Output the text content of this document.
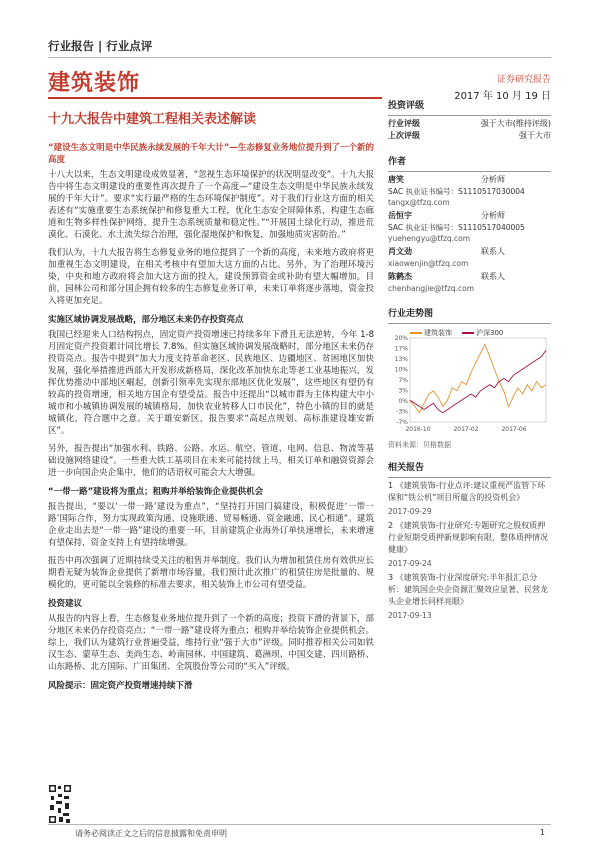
行业报告 | 行业点评
建筑装饰	证券研究报告
2017 年 10 月 19 日
十九大报告中建筑工程相关表述解读

“建设生态文明是中华民族永续发展的千年大计”—生态修复业务地位提升到了一个新的高度

十八大以来，生态文明建设成效显著，“忽视生态环境保护的状况明显改变”。十九大报告中将生态文明建设的重要性再次提升了一个高度—“建设生态文明是中华民族永续发展的千年大计”。要求“实行最严格的生态环境保护制度”。对于我们行业这方面的相关表述有“实施重要生态系统保护和修复重大工程，优化生态安全屏障体系，构建生态廊道和生物多样性保护网络，提升生态系统质量和稳定性。”“开展国土绿化行动，推进荒漠化、石漠化、水土流失综合治理，强化湿地保护和恢复，加强地质灾害防治。”

我们认为，十九大报告将生态修复业务的地位提到了一个新的高度，未来地方政府将更加重视生态文明建设，在相关考核中有望加大这方面的占比。另外，为了治理环境污染，中央和地方政府将会加大这方面的投入，建设预算资金或补助有望大幅增加。目前，园林公司和部分国企拥有较多的生态修复业务订单，未来订单将逐步落地，资金投入将更加充足。

实施区域协调发展战略，部分地区未来仍存投资亮点

我国已经迎来人口结构拐点，固定资产投资增速已持续多年下滑且无法逆转，今年 1-8 月固定资产投资累计同比增长 7.8%。但实施区域协调发展战略时，部分地区未来仍存投资亮点。报告中提到“加大力度支持革命老区、民族地区、边疆地区、贫困地区加快发展，强化举措推进西部大开发形成新格局，深化改革加快东北等老工业基地振兴，发挥优势推动中部地区崛起，创新引领率先实现东部地区优化发展”，这些地区有望仍有较高的投资增速，相关地方国企有望受益。报告中还提出“以城市群为主体构建大中小城市和小城镇协调发展的城镇格局，加快农业转移人口市民化”，特色小镇的目的就是城镇化，符合题中之意。关于雄安新区，报告要求“高起点规划、高标准建设雄安新区”。

另外，报告提出“加强水利、铁路、公路、水运、航空、管道、电网、信息、物流等基础设施网络建设”。一些重大铁工基项目在未来可能持续上马，相关订单和融资资源会进一步向国企央企集中，他们的话语权可能会大大增强。

“一带一路”建设将为重点；租购并举给装饰企业提供机会

报告提出，“要以‘一带一路’建设为重点”，“坚持打开国门搞建设，积极促进‘一带一路’国际合作，努力实现政策沟通、设施联通、贸易畅通、资金融通、民心相通”。建筑企业走出去是“一带一路”建设的重要一环，目前建筑企业海外订单快速增长，未来增速有望保持，资金支持上有望持续增强。

报告中再次强调了近期持续受关注的租售并举制度。我们认为增加租赁住房有效供应长期看无疑为装饰企业提供了新增市场容量，我们预计此次推广的租赁住房是批量的、规模化的，更可能以全装修的标准去要求，相关装饰上市公司有望受益。

投资建议

从报告的内容上看，生态修复业务地位提升到了一个新的高度；投资下滑的背景下，部分地区未来仍存投资亮点；“一带一路”建设将为重点；租购并举给装饰企业提供机会。综上，我们认为建筑行业普遍受益，维持行业“强于大市”评级。同时推荐相关公司如铁汉生态、蒙草生态、美尚生态、岭南园林、中国建筑、葛洲坝、中国交建、四川路桥、山东路桥、北方国际、广田集团、全筑股份等公司的“买入”评级。

风险提示：固定资产投资增速持续下滑
投资评级
行业评级	强于大市(维持评级)
上次评级	强于大市
作者
唐笑	分析师
SAC 执业证书编号：S1110517030004
tangx@tfzq.com
岳恒宇	分析师
SAC 执业证书编号：S1110517040005
yuehengyu@tfzq.com
肖文劲	联系人
xiaowenjin@tfzq.com
陈鹤杰	联系人
chenhangjie@tfzq.com
行业走势图
建筑装饰	沪深300
20%
17%
13%
10%
7%
3%
0%
-3%
-7%
2016-10	2017-02	2017-06
资料来源：贝格数据
相关报告
1 《建筑装饰-行业点评:建议重视严监管下环保和“铁公机”项目所蕴含的投资机会》
2017-09-29
2 《建筑装饰-行业研究:专题研究之股权质押 行业短期受质押新规影响有限，整体质押情况健康》
2017-09-24
3 《建筑装饰-行业深度研究:半年报汇总分析：建筑国企央企资源汇聚效应显著，民营龙头企业增长同样亮眼》
2017-09-13
请务必阅读正文之后的信息披露和免责申明	1
